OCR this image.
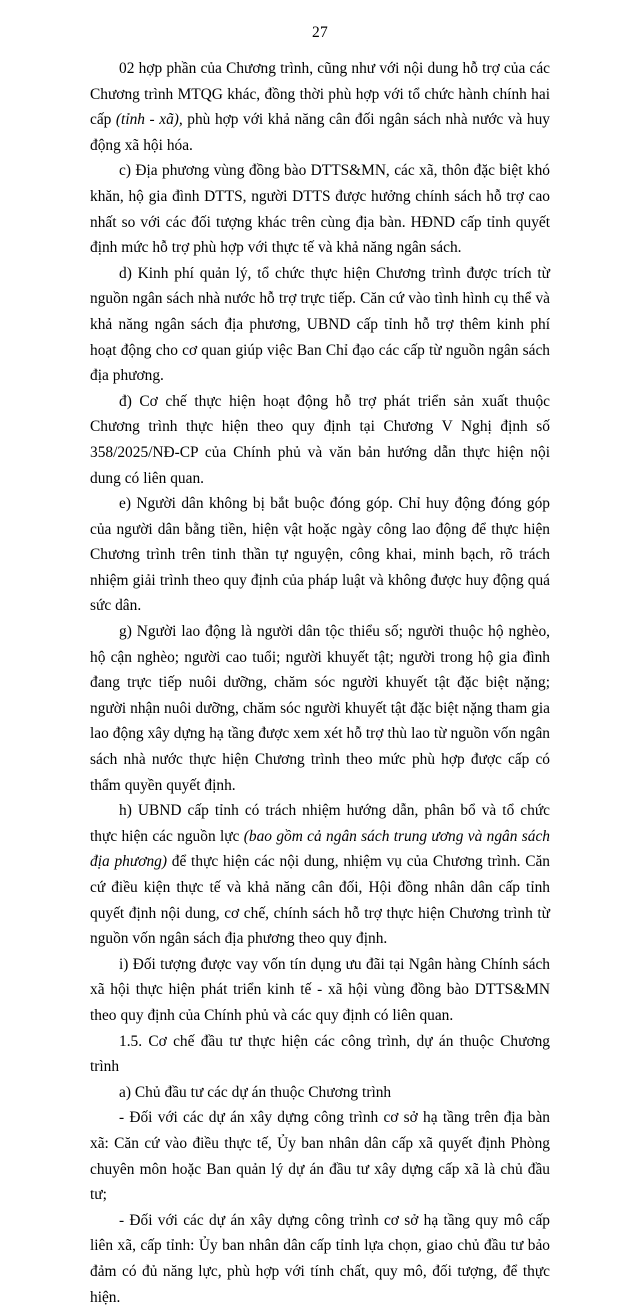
27

02 hợp phần của Chương trình, cũng như với nội dung hỗ trợ của các Chương trình MTQG khác, đồng thời phù hợp với tổ chức hành chính hai cấp (tỉnh - xã), phù hợp với khả năng cân đối ngân sách nhà nước và huy động xã hội hóa.

c) Địa phương vùng đồng bào DTTS&MN, các xã, thôn đặc biệt khó khăn, hộ gia đình DTTS, người DTTS được hưởng chính sách hỗ trợ cao nhất so với các đối tượng khác trên cùng địa bàn. HĐND cấp tỉnh quyết định mức hỗ trợ phù hợp với thực tế và khả năng ngân sách.

d) Kinh phí quản lý, tổ chức thực hiện Chương trình được trích từ nguồn ngân sách nhà nước hỗ trợ trực tiếp. Căn cứ vào tình hình cụ thể và khả năng ngân sách địa phương, UBND cấp tỉnh hỗ trợ thêm kinh phí hoạt động cho cơ quan giúp việc Ban Chỉ đạo các cấp từ nguồn ngân sách địa phương.

đ) Cơ chế thực hiện hoạt động hỗ trợ phát triển sản xuất thuộc Chương trình thực hiện theo quy định tại Chương V Nghị định số 358/2025/NĐ-CP của Chính phủ và văn bản hướng dẫn thực hiện nội dung có liên quan.

e) Người dân không bị bắt buộc đóng góp. Chỉ huy động đóng góp của người dân bằng tiền, hiện vật hoặc ngày công lao động để thực hiện Chương trình trên tinh thần tự nguyện, công khai, minh bạch, rõ trách nhiệm giải trình theo quy định của pháp luật và không được huy động quá sức dân.

g) Người lao động là người dân tộc thiểu số; người thuộc hộ nghèo, hộ cận nghèo; người cao tuổi; người khuyết tật; người trong hộ gia đình đang trực tiếp nuôi dưỡng, chăm sóc người khuyết tật đặc biệt nặng; người nhận nuôi dưỡng, chăm sóc người khuyết tật đặc biệt nặng tham gia lao động xây dựng hạ tầng được xem xét hỗ trợ thù lao từ nguồn vốn ngân sách nhà nước thực hiện Chương trình theo mức phù hợp được cấp có thẩm quyền quyết định.

h) UBND cấp tỉnh có trách nhiệm hướng dẫn, phân bổ và tổ chức thực hiện các nguồn lực (bao gồm cả ngân sách trung ương và ngân sách địa phương) để thực hiện các nội dung, nhiệm vụ của Chương trình. Căn cứ điều kiện thực tế và khả năng cân đối, Hội đồng nhân dân cấp tỉnh quyết định nội dung, cơ chế, chính sách hỗ trợ thực hiện Chương trình từ nguồn vốn ngân sách địa phương theo quy định.

i) Đối tượng được vay vốn tín dụng ưu đãi tại Ngân hàng Chính sách xã hội thực hiện phát triển kinh tế - xã hội vùng đồng bào DTTS&MN theo quy định của Chính phủ và các quy định có liên quan.

1.5. Cơ chế đầu tư thực hiện các công trình, dự án thuộc Chương trình

a) Chủ đầu tư các dự án thuộc Chương trình

- Đối với các dự án xây dựng công trình cơ sở hạ tầng trên địa bàn xã: Căn cứ vào điều thực tế, Ủy ban nhân dân cấp xã quyết định Phòng chuyên môn hoặc Ban quản lý dự án đầu tư xây dựng cấp xã là chủ đầu tư;

- Đối với các dự án xây dựng công trình cơ sở hạ tầng quy mô cấp liên xã, cấp tỉnh: Ủy ban nhân dân cấp tỉnh lựa chọn, giao chủ đầu tư bảo đảm có đủ năng lực, phù hợp với tính chất, quy mô, đối tượng, để thực hiện.
